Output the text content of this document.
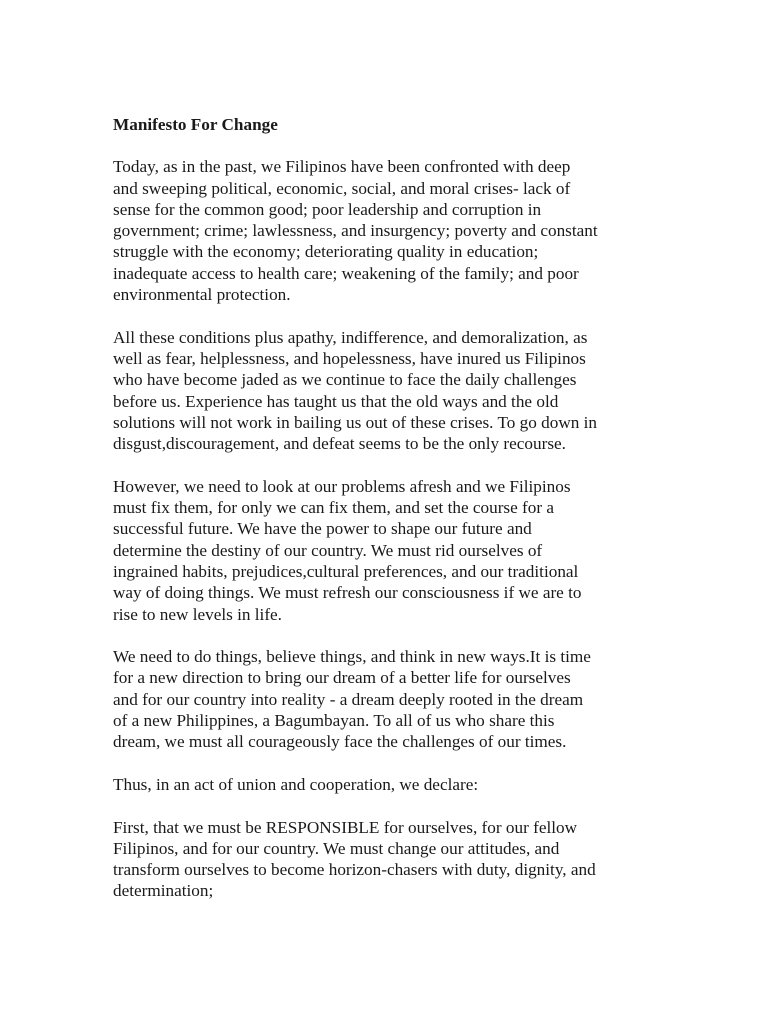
Manifesto For Change

Today, as in the past, we Filipinos have been confronted with deep
and sweeping political, economic, social, and moral crises- lack of
sense for the common good; poor leadership and corruption in
government; crime; lawlessness, and insurgency; poverty and constant
struggle with the economy; deteriorating quality in education;
inadequate access to health care; weakening of the family; and poor
environmental protection.

All these conditions plus apathy, indifference, and demoralization, as
well as fear, helplessness, and hopelessness, have inured us Filipinos
who have become jaded as we continue to face the daily challenges
before us. Experience has taught us that the old ways and the old
solutions will not work in bailing us out of these crises. To go down in
disgust,discouragement, and defeat seems to be the only recourse.

However, we need to look at our problems afresh and we Filipinos
must fix them, for only we can fix them, and set the course for a
successful future. We have the power to shape our future and
determine the destiny of our country. We must rid ourselves of
ingrained habits, prejudices,cultural preferences, and our traditional
way of doing things. We must refresh our consciousness if we are to
rise to new levels in life.

We need to do things, believe things, and think in new ways.It is time
for a new direction to bring our dream of a better life for ourselves
and for our country into reality - a dream deeply rooted in the dream
of a new Philippines, a Bagumbayan. To all of us who share this
dream, we must all courageously face the challenges of our times.

Thus, in an act of union and cooperation, we declare:

First, that we must be RESPONSIBLE for ourselves, for our fellow
Filipinos, and for our country. We must change our attitudes, and
transform ourselves to become horizon-chasers with duty, dignity, and
determination;
